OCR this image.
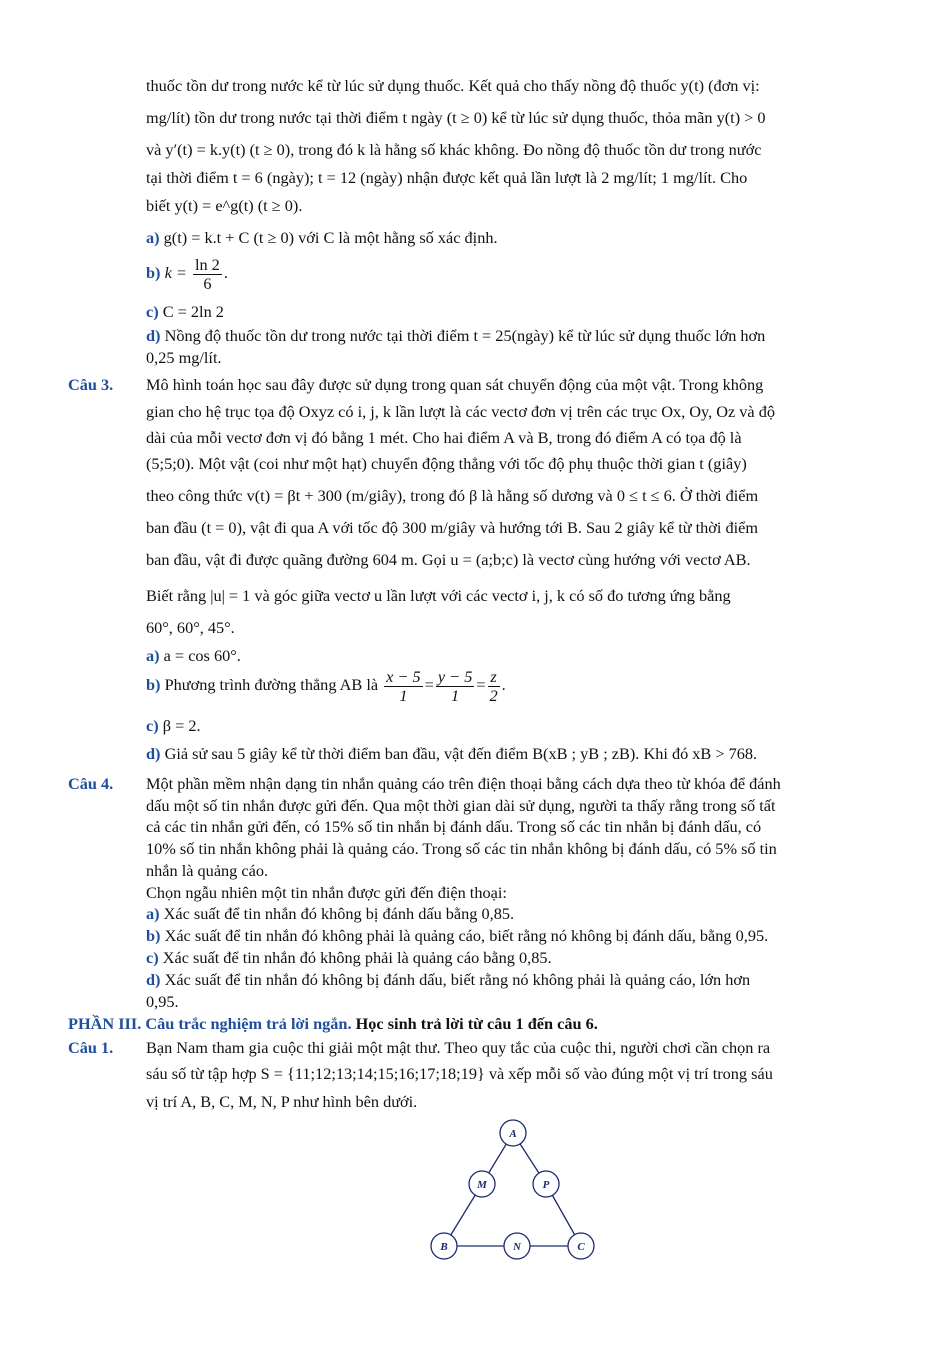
thuốc tồn dư trong nước kể từ lúc sử dụng thuốc. Kết quả cho thấy nồng độ thuốc y(t) (đơn vị:
mg/lít) tồn dư trong nước tại thời điểm t ngày (t ≥ 0) kể từ lúc sử dụng thuốc, thỏa mãn y(t) > 0
và y′(t) = k.y(t) (t ≥ 0), trong đó k là hằng số khác không. Đo nồng độ thuốc tồn dư trong nước
tại thời điểm t = 6 (ngày); t = 12 (ngày) nhận được kết quả lần lượt là 2 mg/lít; 1 mg/lít. Cho
biết y(t) = e^g(t) (t ≥ 0).
a) g(t) = k.t + C (t ≥ 0) với C là một hằng số xác định.
b) $k = \frac{\ln 2}{6}$ .
c) C = 2ln 2
d) Nồng độ thuốc tồn dư trong nước tại thời điểm t = 25(ngày) kể từ lúc sử dụng thuốc lớn hơn
0,25 mg/lít.
Câu 3. Mô hình toán học sau đây được sử dụng trong quan sát chuyển động của một vật. Trong không
gian cho hệ trục tọa độ Oxyz có i, j, k lần lượt là các vectơ đơn vị trên các trục Ox, Oy, Oz và độ
dài của mỗi vectơ đơn vị đó bằng 1 mét. Cho hai điểm A và B, trong đó điểm A có tọa độ là
(5;5;0). Một vật (coi như một hạt) chuyển động thẳng với tốc độ phụ thuộc thời gian t (giây)
theo công thức v(t) = βt + 300 (m/giây), trong đó β là hằng số dương và 0 ≤ t ≤ 6. Ở thời điểm
ban đầu (t = 0), vật đi qua A với tốc độ 300 m/giây và hướng tới B. Sau 2 giây kể từ thời điểm
ban đầu, vật đi được quãng đường 604 m. Gọi u = (a;b;c) là vectơ cùng hướng với vectơ AB.
Biết rằng |u| = 1 và góc giữa vectơ u lần lượt với các vectơ i, j, k có số đo tương ứng bằng
60°, 60°, 45°.
a) a = cos 60°.
b) Phương trình đường thẳng AB là $\frac{x - 5}{1} = \frac{y - 5}{1} = \frac{z}{2}$ .
c) β = 2.
d) Giả sử sau 5 giây kể từ thời điểm ban đầu, vật đến điểm B(xB ; yB ; zB). Khi đó xB > 768.
Câu 4. Một phần mềm nhận dạng tin nhắn quảng cáo trên điện thoại bằng cách dựa theo từ khóa để đánh
dấu một số tin nhắn được gửi đến. Qua một thời gian dài sử dụng, người ta thấy rằng trong số tất
cả các tin nhắn gửi đến, có 15% số tin nhắn bị đánh dấu. Trong số các tin nhắn bị đánh dấu, có
10% số tin nhắn không phải là quảng cáo. Trong số các tin nhắn không bị đánh dấu, có 5% số tin
nhắn là quảng cáo.
Chọn ngẫu nhiên một tin nhắn được gửi đến điện thoại:
a) Xác suất để tin nhắn đó không bị đánh dấu bằng 0,85.
b) Xác suất để tin nhắn đó không phải là quảng cáo, biết rằng nó không bị đánh dấu, bằng 0,95.
c) Xác suất để tin nhắn đó không phải là quảng cáo bằng 0,85.
d) Xác suất để tin nhắn đó không bị đánh dấu, biết rằng nó không phải là quảng cáo, lớn hơn
0,95.
PHẦN III. Câu trắc nghiệm trả lời ngắn. Học sinh trả lời từ câu 1 đến câu 6.
Câu 1. Bạn Nam tham gia cuộc thi giải một mật thư. Theo quy tắc của cuộc thi, người chơi cần chọn ra
sáu số từ tập hợp S = {11;12;13;14;15;16;17;18;19} và xếp mỗi số vào đúng một vị trí trong sáu
vị trí A, B, C, M, N, P như hình bên dưới.
A
M	P
B	N	C
